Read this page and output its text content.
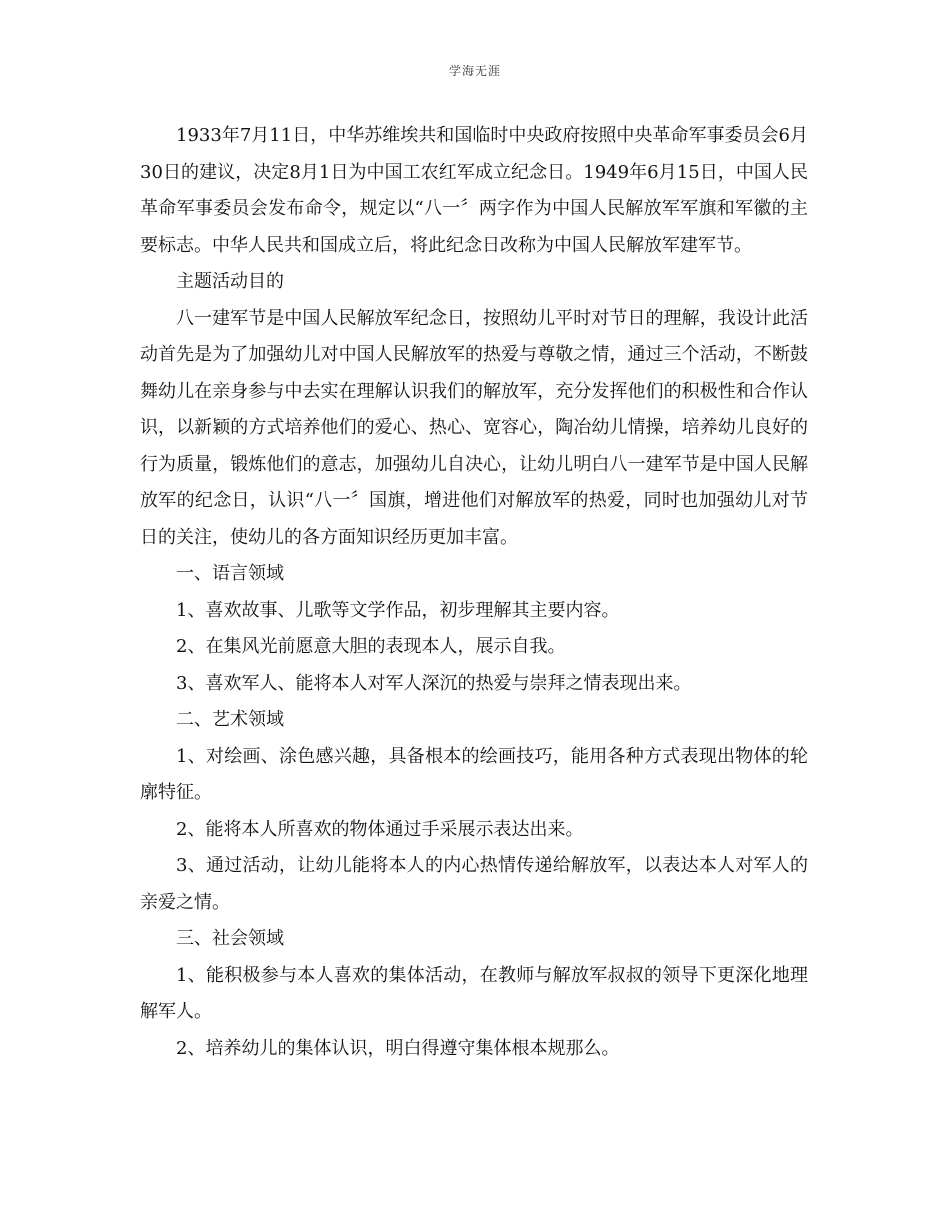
学海无涯

1933年7月11日，中华苏维埃共和国临时中央政府按照中央革命军事委员会6月30日的建议，决定8月1日为中国工农红军成立纪念日。1949年6月15日，中国人民革命军事委员会发布命令，规定以“八一〞两字作为中国人民解放军军旗和军徽的主要标志。中华人民共和国成立后，将此纪念日改称为中国人民解放军建军节。

主题活动目的

八一建军节是中国人民解放军纪念日，按照幼儿平时对节日的理解，我设计此活动首先是为了加强幼儿对中国人民解放军的热爱与尊敬之情，通过三个活动，不断鼓舞幼儿在亲身参与中去实在理解认识我们的解放军，充分发挥他们的积极性和合作认识，以新颖的方式培养他们的爱心、热心、宽容心，陶冶幼儿情操，培养幼儿良好的行为质量，锻炼他们的意志，加强幼儿自决心，让幼儿明白八一建军节是中国人民解放军的纪念日，认识“八一〞国旗，增进他们对解放军的热爱，同时也加强幼儿对节日的关注，使幼儿的各方面知识经历更加丰富。

一、语言领域

1、喜欢故事、儿歌等文学作品，初步理解其主要内容。

2、在集风光前愿意大胆的表现本人，展示自我。

3、喜欢军人、能将本人对军人深沉的热爱与崇拜之情表现出来。

二、艺术领域

1、对绘画、涂色感兴趣，具备根本的绘画技巧，能用各种方式表现出物体的轮廓特征。

2、能将本人所喜欢的物体通过手采展示表达出来。

3、通过活动，让幼儿能将本人的内心热情传递给解放军，以表达本人对军人的亲爱之情。

三、社会领域

1、能积极参与本人喜欢的集体活动，在教师与解放军叔叔的领导下更深化地理解军人。

2、培养幼儿的集体认识，明白得遵守集体根本规那么。
